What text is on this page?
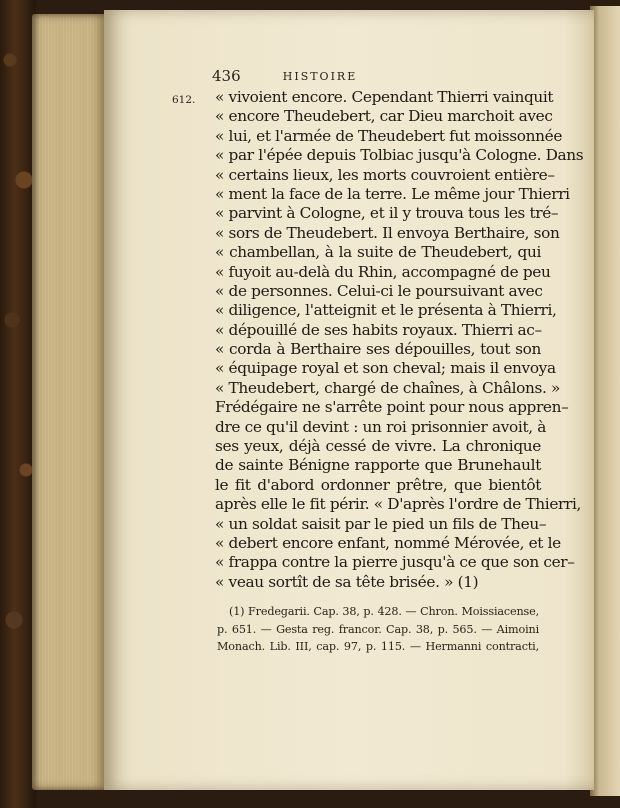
436	HISTOIRE
612. « vivoient encore. Cependant Thierri vainquit
« encore Theudebert, car Dieu marchoit avec
« lui, et l'armée de Theudebert fut moissonnée
« par l'épée depuis Tolbiac jusqu'à Cologne. Dans
« certains lieux, les morts couvroient entière–
« ment la face de la terre. Le même jour Thierri
« parvint à Cologne, et il y trouva tous les tré–
« sors de Theudebert. Il envoya Berthaire, son
« chambellan, à la suite de Theudebert, qui
« fuyoit au-delà du Rhin, accompagné de peu
« de personnes. Celui-ci le poursuivant avec
« diligence, l'atteignit et le présenta à Thierri,
« dépouillé de ses habits royaux. Thierri ac–
« corda à Berthaire ses dépouilles, tout son
« équipage royal et son cheval; mais il envoya
« Theudebert, chargé de chaînes, à Châlons. »
Frédégaire ne s'arrête point pour nous appren–
dre ce qu'il devint : un roi prisonnier avoit, à
ses yeux, déjà cessé de vivre. La chronique
de sainte Bénigne rapporte que Brunehault
le fit d'abord ordonner prêtre, que bientôt
après elle le fit périr. « D'après l'ordre de Thierri,
« un soldat saisit par le pied un fils de Theu–
« debert encore enfant, nommé Mérovée, et le
« frappa contre la pierre jusqu'à ce que son cer–
« veau sortît de sa tête brisée. » (1)
(1) Fredegarii. Cap. 38, p. 428. — Chron. Moissiacense,
p. 651. — Gesta reg. francor. Cap. 38, p. 565. — Aimoini
Monach. Lib. III, cap. 97, p. 115. — Hermanni contracti,
